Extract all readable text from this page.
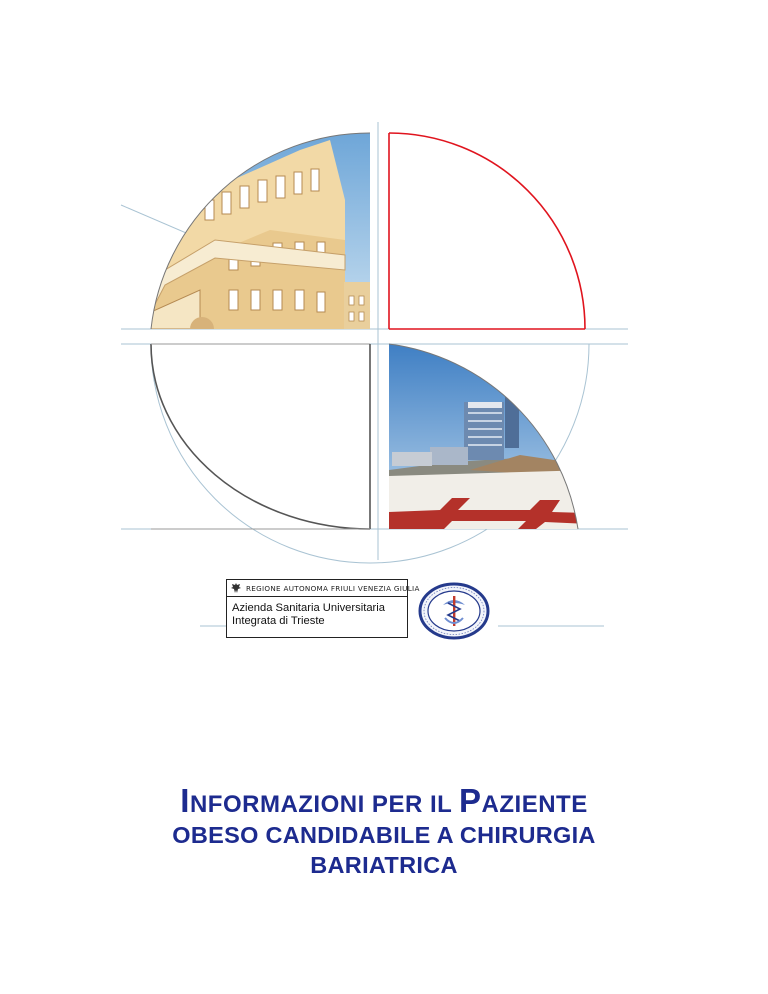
REGIONE AUTONOMA FRIULI VENEZIA GIULIA
Azienda Sanitaria Universitaria
Integrata di Trieste
INFORMAZIONI PER IL PAZIENTE
OBESO CANDIDABILE A CHIRURGIA
BARIATRICA
